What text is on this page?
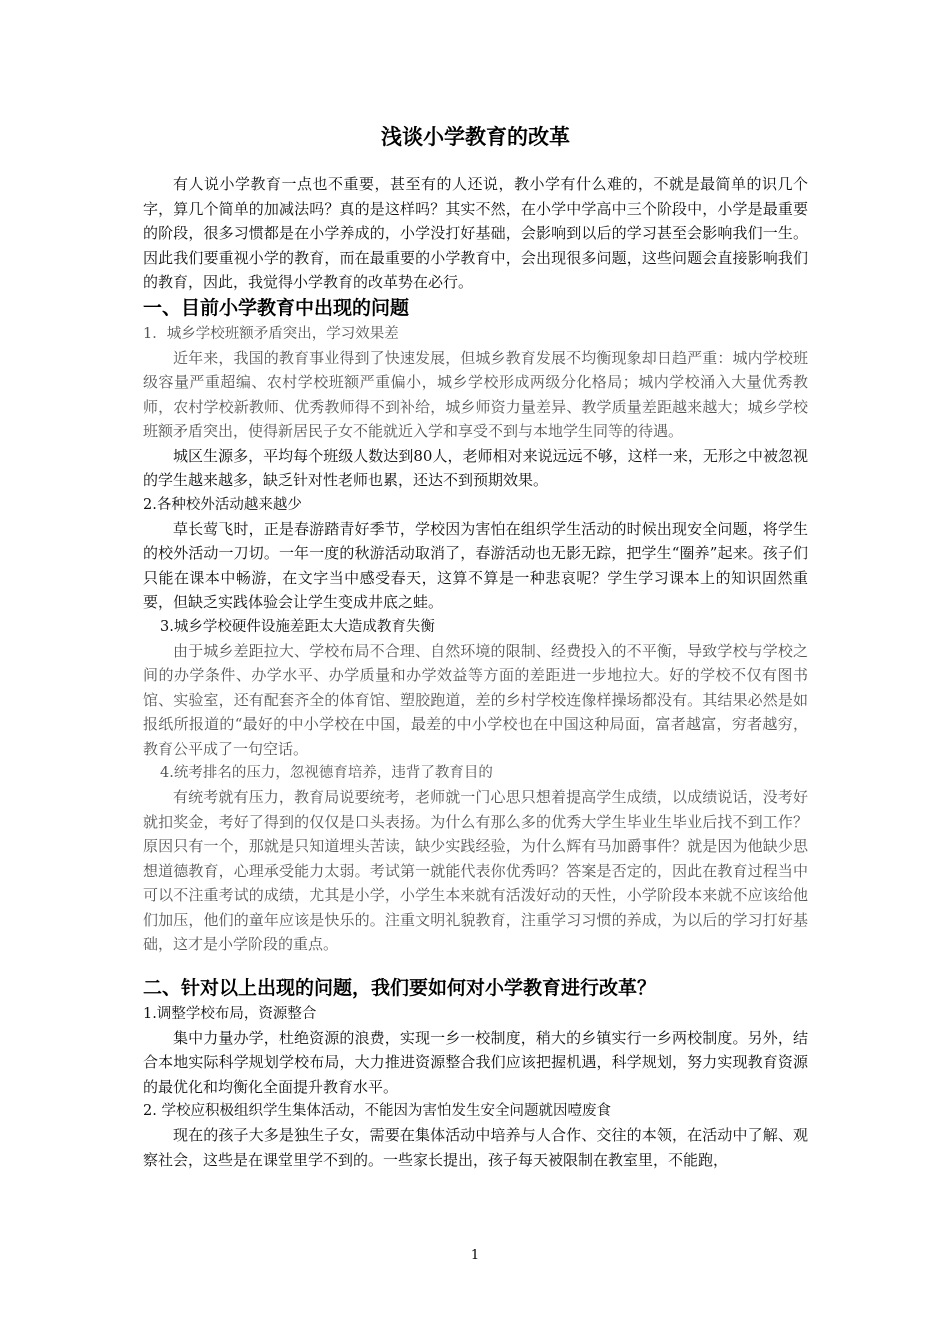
浅谈小学教育的改革

有人说小学教育一点也不重要，甚至有的人还说，教小学有什么难的，不就是最简单的识几个字，算几个简单的加减法吗？真的是这样吗？其实不然，在小学中学高中三个阶段中，小学是最重要的阶段，很多习惯都是在小学养成的，小学没打好基础，会影响到以后的学习甚至会影响我们一生。因此我们要重视小学的教育，而在最重要的小学教育中，会出现很多问题，这些问题会直接影响我们的教育，因此，我觉得小学教育的改革势在必行。

一、目前小学教育中出现的问题
1．城乡学校班额矛盾突出，学习效果差

近年来，我国的教育事业得到了快速发展，但城乡教育发展不均衡现象却日趋严重：城内学校班级容量严重超编、农村学校班额严重偏小，城乡学校形成两级分化格局；城内学校涌入大量优秀教师，农村学校新教师、优秀教师得不到补给，城乡师资力量差异、教学质量差距越来越大；城乡学校班额矛盾突出，使得新居民子女不能就近入学和享受不到与本地学生同等的待遇。

城区生源多，平均每个班级人数达到80人，老师相对来说远远不够，这样一来，无形之中被忽视的学生越来越多，缺乏针对性老师也累，还达不到预期效果。

2.各种校外活动越来越少

草长莺飞时，正是春游踏青好季节，学校因为害怕在组织学生活动的时候出现安全问题，将学生的校外活动一刀切。一年一度的秋游活动取消了，春游活动也无影无踪，把学生“圈养”起来。孩子们只能在课本中畅游，在文字当中感受春天，这算不算是一种悲哀呢？学生学习课本上的知识固然重要，但缺乏实践体验会让学生变成井底之蛙。

3.城乡学校硬件设施差距太大造成教育失衡

由于城乡差距拉大、学校布局不合理、自然环境的限制、经费投入的不平衡，导致学校与学校之间的办学条件、办学水平、办学质量和办学效益等方面的差距进一步地拉大。好的学校不仅有图书馆、实验室，还有配套齐全的体育馆、塑胶跑道，差的乡村学校连像样操场都没有。其结果必然是如报纸所报道的“最好的中小学校在中国，最差的中小学校也在中国这种局面，富者越富，穷者越穷，教育公平成了一句空话。

4.统考排名的压力，忽视德育培养，违背了教育目的

有统考就有压力，教育局说要统考，老师就一门心思只想着提高学生成绩，以成绩说话，没考好就扣奖金，考好了得到的仅仅是口头表扬。为什么有那么多的优秀大学生毕业生毕业后找不到工作？原因只有一个，那就是只知道埋头苦读，缺少实践经验，为什么辉有马加爵事件？就是因为他缺少思想道德教育，心理承受能力太弱。考试第一就能代表你优秀吗？答案是否定的，因此在教育过程当中可以不注重考试的成绩，尤其是小学，小学生本来就有活泼好动的天性，小学阶段本来就不应该给他们加压，他们的童年应该是快乐的。注重文明礼貌教育，注重学习习惯的养成，为以后的学习打好基础，这才是小学阶段的重点。

二、针对以上出现的问题，我们要如何对小学教育进行改革？
1.调整学校布局，资源整合

集中力量办学，杜绝资源的浪费，实现一乡一校制度，稍大的乡镇实行一乡两校制度。另外，结合本地实际科学规划学校布局，大力推进资源整合我们应该把握机遇，科学规划，努力实现教育资源的最优化和均衡化全面提升教育水平。

2. 学校应积极组织学生集体活动，不能因为害怕发生安全问题就因噎废食

现在的孩子大多是独生子女，需要在集体活动中培养与人合作、交往的本领，在活动中了解、观察社会，这些是在课堂里学不到的。一些家长提出，孩子每天被限制在教室里，不能跑，

1
